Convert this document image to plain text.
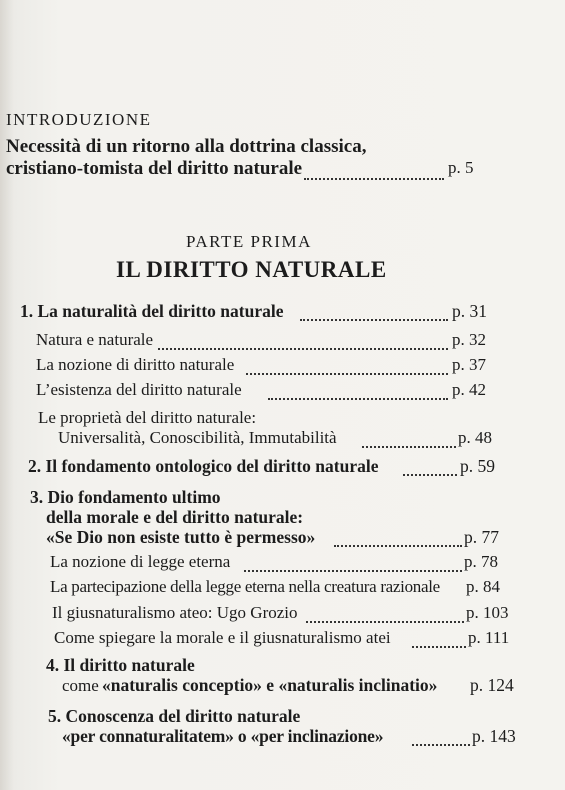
INTRODUZIONE
Necessità di un ritorno alla dottrina classica,
cristiano-tomista del diritto naturale	p. 5
PARTE PRIMA
IL DIRITTO NATURALE
1. La naturalità del diritto naturale	p. 31
Natura e naturale	p. 32
La nozione di diritto naturale	p. 37
L’esistenza del diritto naturale	p. 42
Le proprietà del diritto naturale:
Universalità, Conoscibilità, Immutabilità	p. 48
2. Il fondamento ontologico del diritto naturale	p. 59
3. Dio fondamento ultimo
della morale e del diritto naturale:
«Se Dio non esiste tutto è permesso»	p. 77
La nozione di legge eterna	p. 78
La partecipazione della legge eterna nella creatura razionale p. 84
Il giusnaturalismo ateo: Ugo Grozio	p. 103
Come spiegare la morale e il giusnaturalismo atei	p. 111
4. Il diritto naturale
come «naturalis conceptio» e «naturalis inclinatio» p. 124
5. Conoscenza del diritto naturale
«per connaturalitatem» o «per inclinazione»	p. 143
